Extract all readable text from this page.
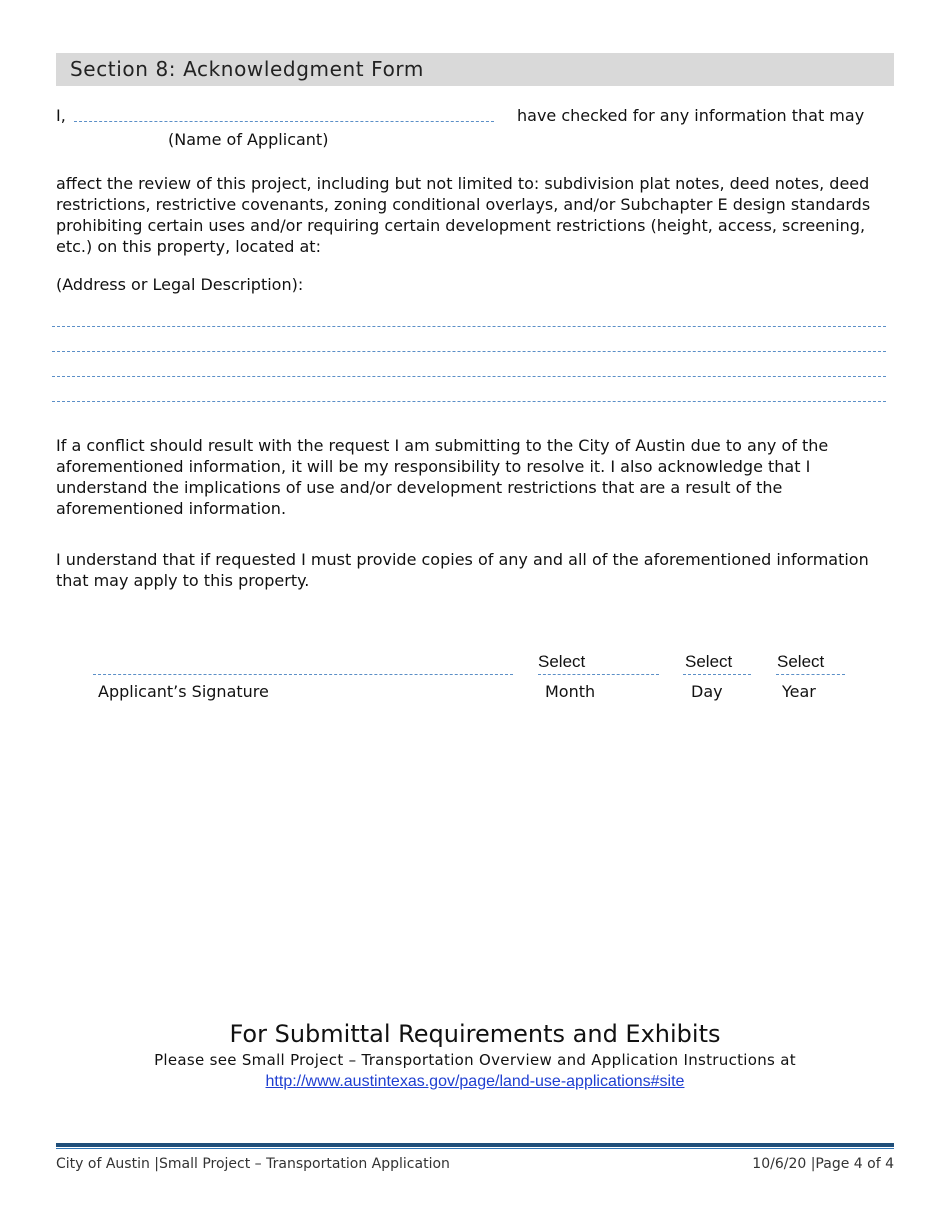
Section 8: Acknowledgment Form
I,	have checked for any information that may
(Name of Applicant)
affect the review of this project, including but not limited to: subdivision plat notes, deed notes, deed restrictions, restrictive covenants, zoning conditional overlays, and/or Subchapter E design standards prohibiting certain uses and/or requiring certain development restrictions (height, access, screening, etc.) on this property, located at:
(Address or Legal Description):
If a conflict should result with the request I am submitting to the City of Austin due to any of the aforementioned information, it will be my responsibility to resolve it. I also acknowledge that I understand the implications of use and/or development restrictions that are a result of the aforementioned information.
I understand that if requested I must provide copies of any and all of the aforementioned information that may apply to this property.
Applicant’s Signature
Select
Month
Select
Day
Select
Year
For Submittal Requirements and Exhibits
Please see Small Project – Transportation Overview and Application Instructions at
http://www.austintexas.gov/page/land-use-applications#site
City of Austin |Small Project – Transportation Application	10/6/20 |Page 4 of 4
